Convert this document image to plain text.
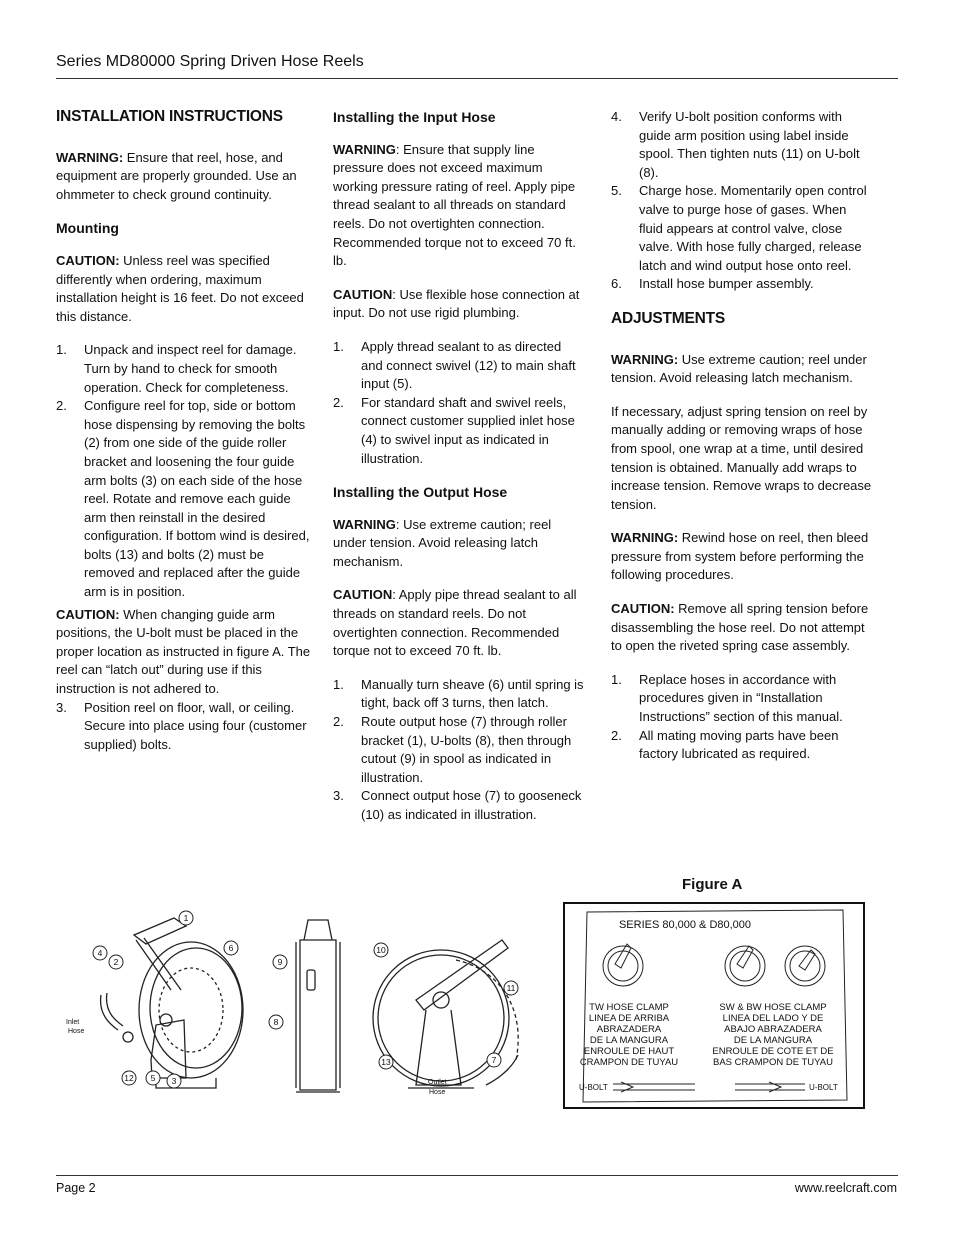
Series MD80000 Spring Driven Hose Reels
INSTALLATION INSTRUCTIONS

WARNING: Ensure that reel, hose, and equipment are properly grounded. Use an ohmmeter to check ground continuity.

Mounting

CAUTION: Unless reel was specified differently when ordering, maximum installation height is 16 feet. Do not exceed this distance.

1. Unpack and inspect reel for damage. Turn by hand to check for smooth operation. Check for completeness.
2. Configure reel for top, side or bottom hose dispensing by removing the bolts (2) from one side of the guide roller bracket and loosening the four guide arm bolts (3) on each side of the hose reel. Rotate and remove each guide arm then reinstall in the desired configuration. If bottom wind is desired, bolts (13) and bolts (2) must be removed and replaced after the guide arm is in position.

CAUTION: When changing guide arm positions, the U-bolt must be placed in the proper location as instructed in figure A. The reel can “latch out” during use if this instruction is not adhered to.

3. Position reel on floor, wall, or ceiling. Secure into place using four (customer supplied) bolts.
Installing the Input Hose

WARNING: Ensure that supply line pressure does not exceed maximum working pressure rating of reel. Apply pipe thread sealant to all threads on standard reels. Do not overtighten connection. Recommended torque not to exceed 70 ft. lb.

CAUTION: Use flexible hose connection at input. Do not use rigid plumbing.

1. Apply thread sealant to as directed and connect swivel (12) to main shaft input (5).
2. For standard shaft and swivel reels, connect customer supplied inlet hose (4) to swivel input as indicated in illustration.
Installing the Output Hose

WARNING: Use extreme caution; reel under tension. Avoid releasing latch mechanism.

CAUTION: Apply pipe thread sealant to all threads on standard reels. Do not overtighten connection. Recommended torque not to exceed 70 ft. lb.

1. Manually turn sheave (6) until spring is tight, back off 3 turns, then latch.
2. Route output hose (7) through roller bracket (1), U-bolts (8), then through cutout (9) in spool as indicated in illustration.
3. Connect output hose (7) to gooseneck (10) as indicated in illustration.
4. Verify U-bolt position conforms with guide arm position using label inside spool. Then tighten nuts (11) on U-bolt (8).
5. Charge hose. Momentarily open control valve to purge hose of gases. When fluid appears at control valve, close valve. With hose fully charged, release latch and wind output hose onto reel.
6. Install hose bumper assembly.
ADJUSTMENTS

WARNING: Use extreme caution; reel under tension. Avoid releasing latch mechanism.

If necessary, adjust spring tension on reel by manually adding or removing wraps of hose from spool, one wrap at a time, until desired tension is obtained. Manually add wraps to increase tension. Remove wraps to decrease tension.

WARNING: Rewind hose on reel, then bleed pressure from system before performing the following procedures.

CAUTION: Remove all spring tension before disassembling the hose reel. Do not attempt to open the riveted spring case assembly.

1. Replace hoses in accordance with procedures given in “Installation Instructions” section of this manual.
2. All mating moving parts have been factory lubricated as required.
Figure A
1
2
4	6
9
8
12 5 3
10
11
13	7
Inlet
Hose
Outlet
Hose
SERIES 80,000 & D80,000
TW HOSE CLAMP
LINEA DE ARRIBA
ABRAZADERA
DE LA MANGURA
ENROULE DE HAUT
CRAMPON DE TUYAU
SW & BW HOSE CLAMP
LINEA DEL LADO Y DE
ABAJO ABRAZADERA
DE LA MANGURA
ENROULE DE COTE ET DE
BAS CRAMPON DE TUYAU
U-BOLT	U-BOLT
Page 2	www.reelcraft.com
